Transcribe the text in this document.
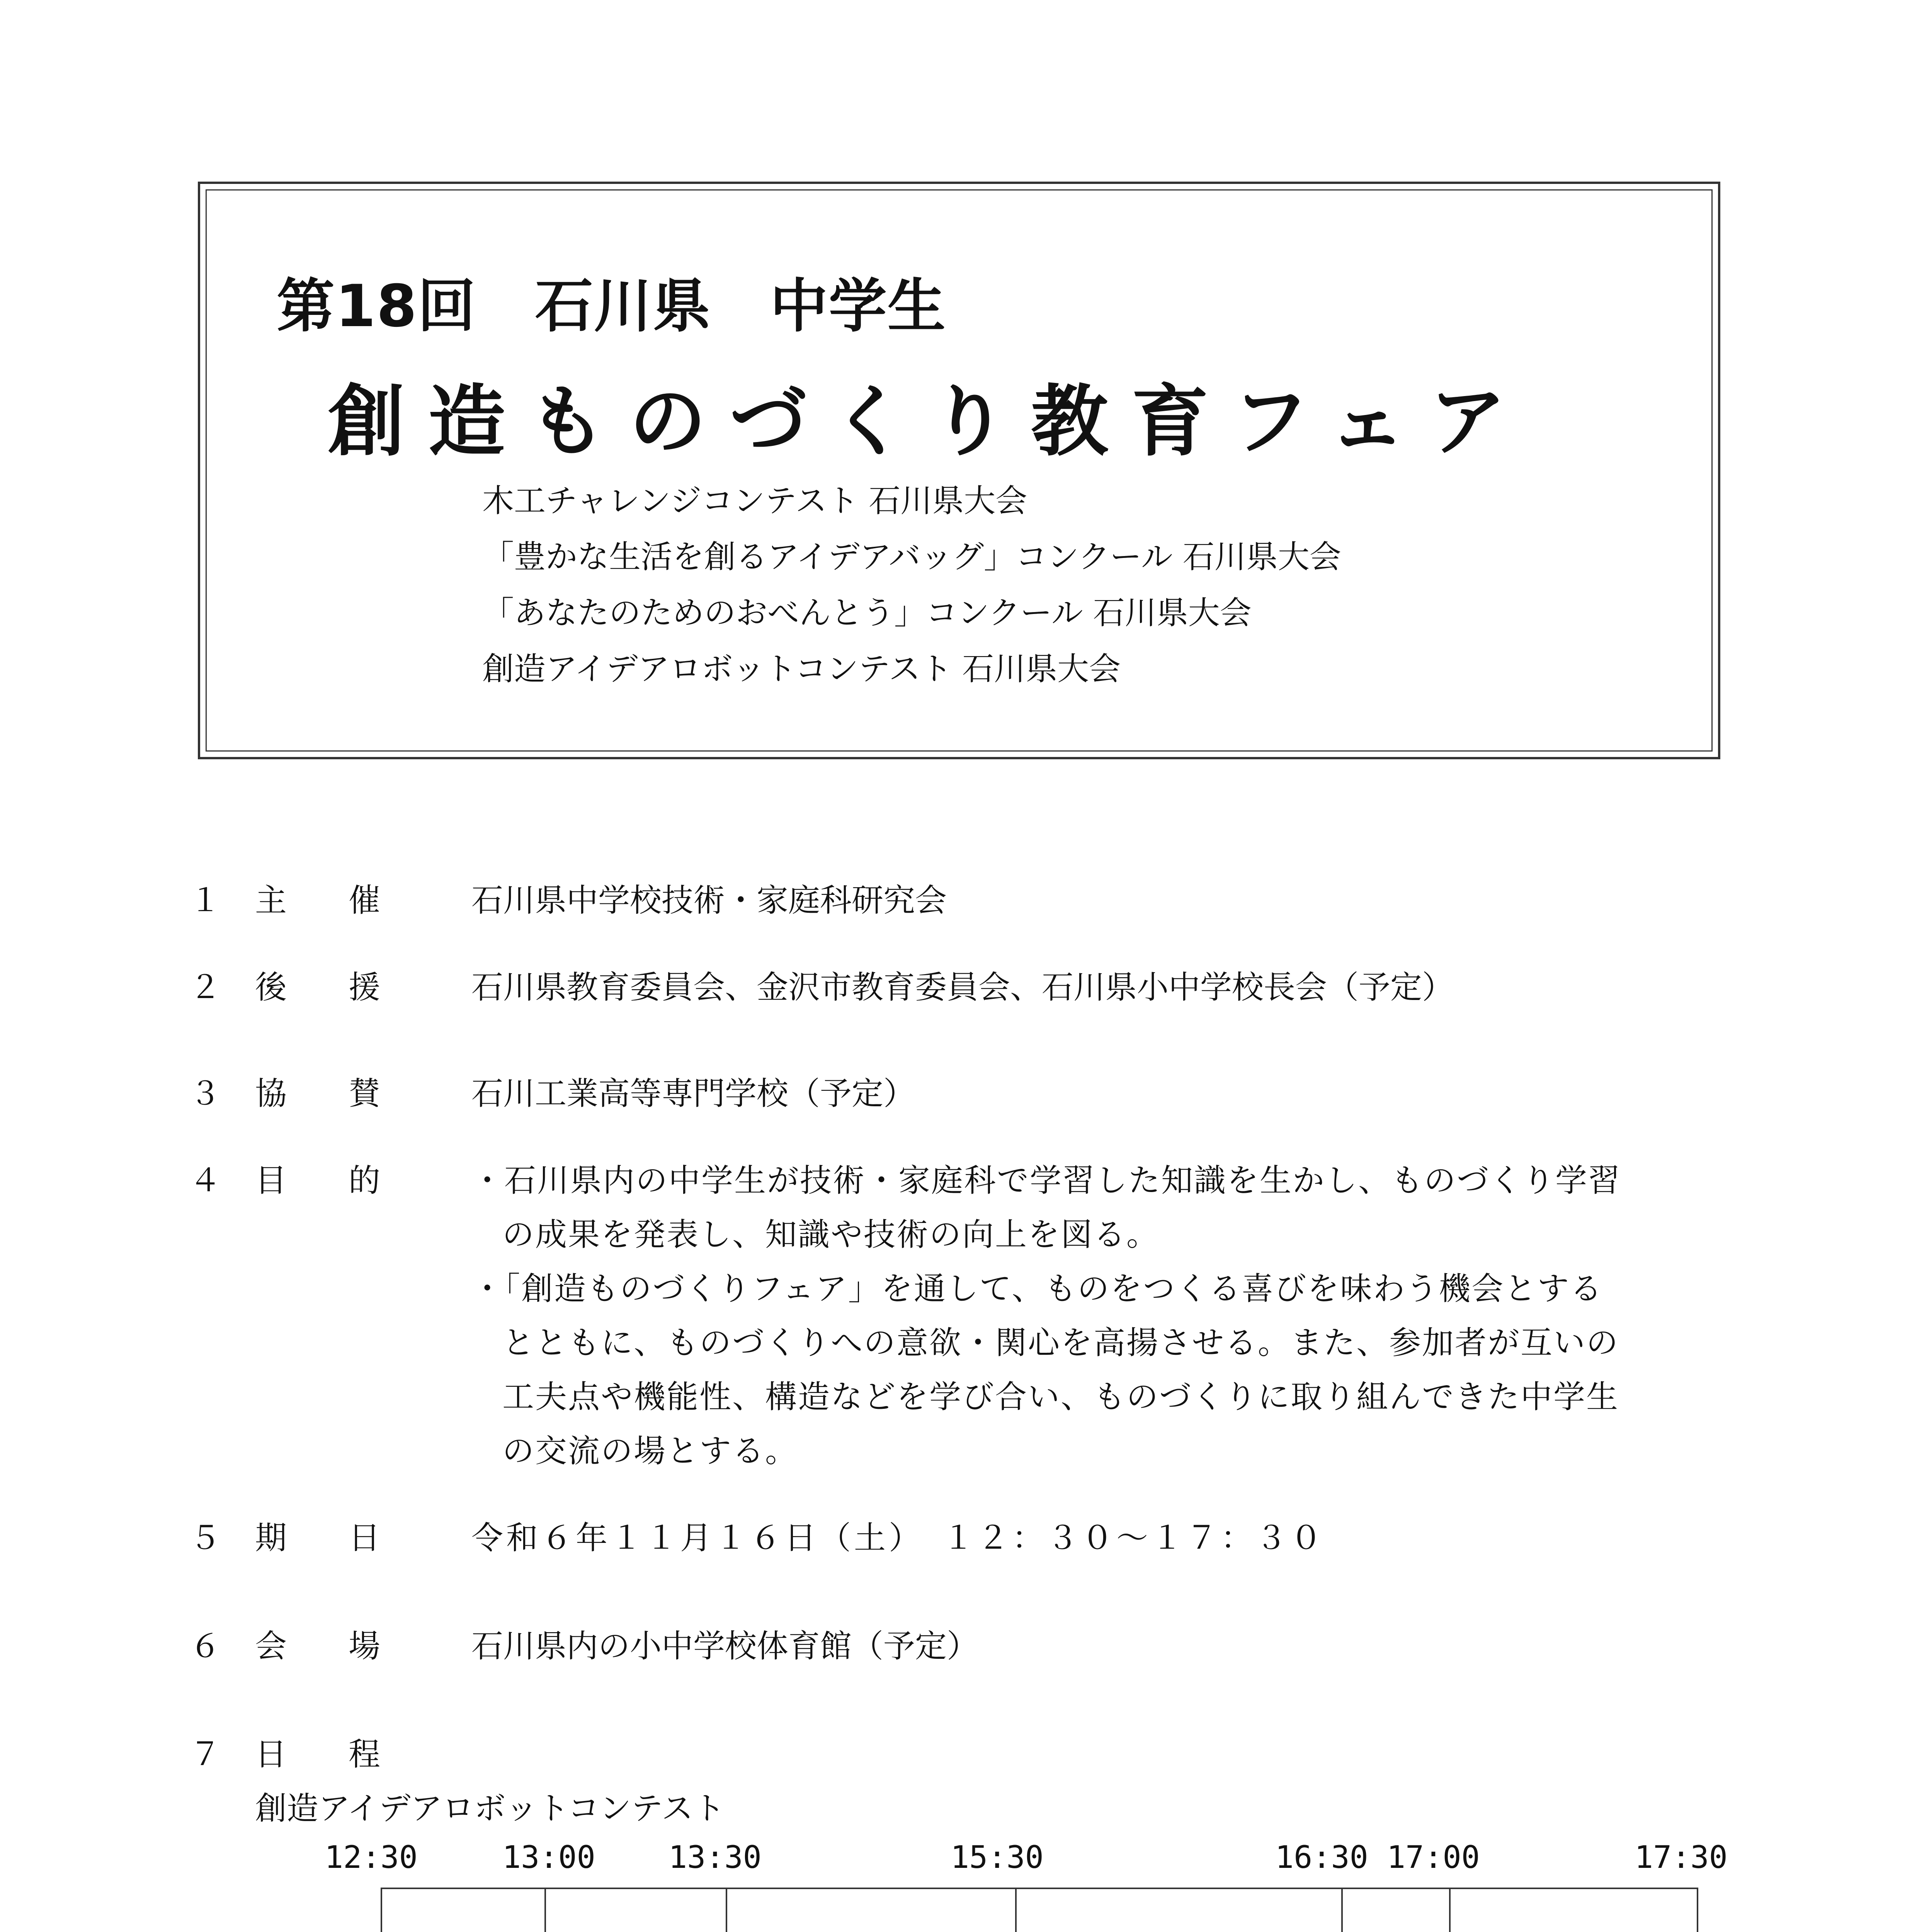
第18回　石川県　中学生
創造ものづくり教育フェア
木工チャレンジコンテスト 石川県大会
「豊かな生活を創るアイデアバッグ」コンクール 石川県大会
「あなたのためのおべんとう」コンクール 石川県大会
創造アイデアロボットコンテスト 石川県大会
１ 主催 石川県中学校技術・家庭科研究会
２ 後援 石川県教育委員会、金沢市教育委員会、石川県小中学校長会（予定）
３ 協賛 石川工業高等専門学校（予定）
４ 目的 ・石川県内の中学生が技術・家庭科で学習した知識を生かし、ものづくり学習
の成果を発表し、知識や技術の向上を図る。
・「創造ものづくりフェア」を通して、ものをつくる喜びを味わう機会とする
とともに、ものづくりへの意欲・関心を高揚させる。また、参加者が互いの
工夫点や機能性、構造などを学び合い、ものづくりに取り組んできた中学生
の交流の場とする。
５ 期日 令和６年１１月１６日（土）　１２：３０～１７：３０
６ 会場 石川県内の小中学校体育館（予定）
７ 日程
創造アイデアロボットコンテスト
12:30	13:00 13:30	15:30	16:30 17:00	17:30
